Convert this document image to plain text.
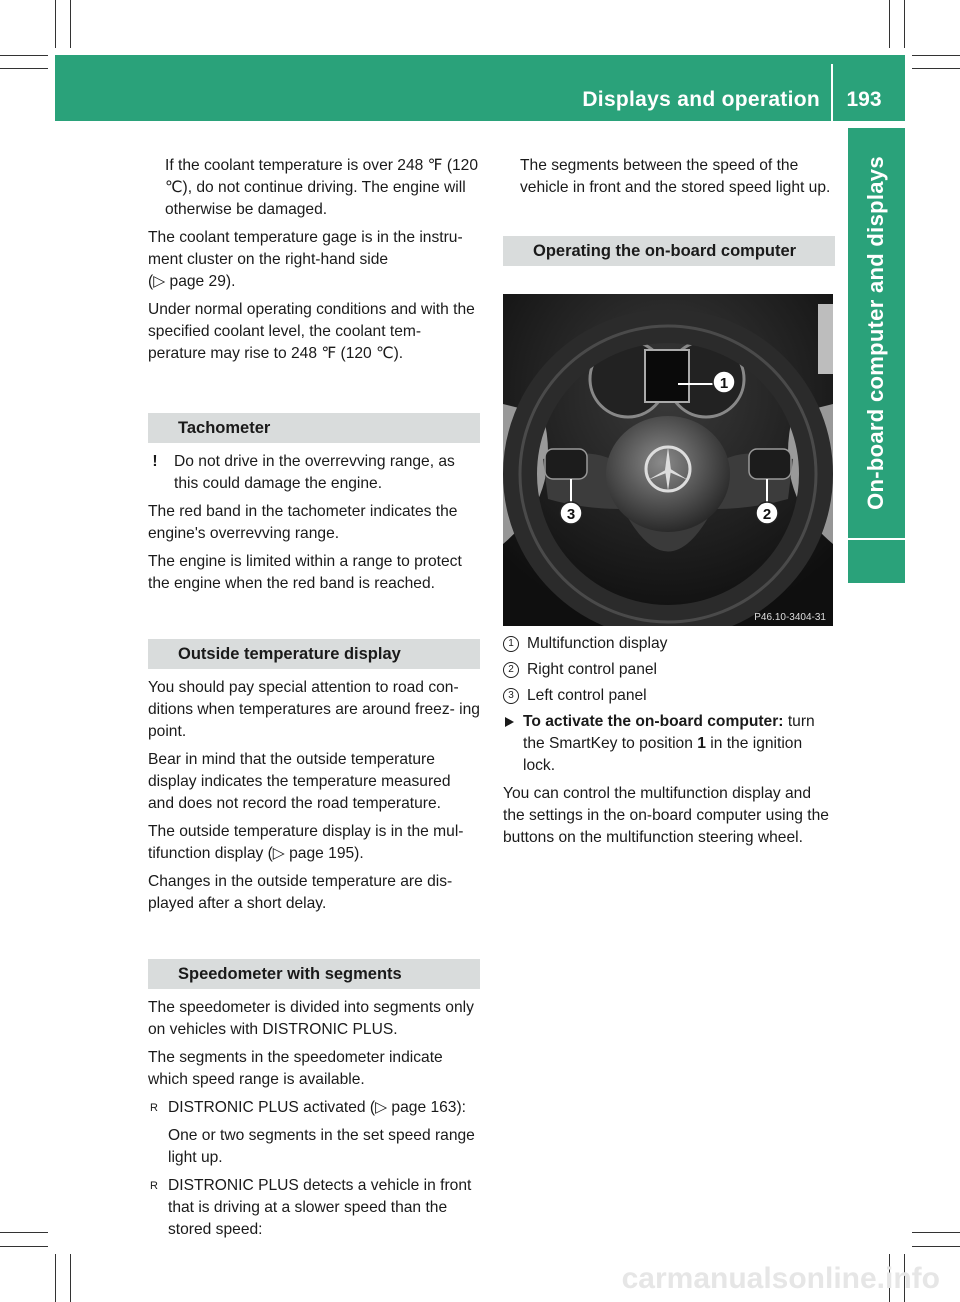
Displays and operation	193
On-board computer and displays

If the coolant temperature is over 248 ℉ (120 ℃), do not continue driving. The engine will otherwise be damaged.

The coolant temperature gage is in the instru- ment cluster on the right-hand side
(▷ page 29).

Under normal operating conditions and with the specified coolant level, the coolant tem- perature may rise to 248 ℉ (120 ℃).

Tachometer

! Do not drive in the overrevving range, as this could damage the engine.

The red band in the tachometer indicates the engine's overrevving range.

The engine is limited within a range to protect the engine when the red band is reached.

Outside temperature display

You should pay special attention to road con- ditions when temperatures are around freez- ing point.

Bear in mind that the outside temperature display indicates the temperature measured and does not record the road temperature.

The outside temperature display is in the mul- tifunction display (▷ page 195).

Changes in the outside temperature are dis- played after a short delay.

Speedometer with segments

The speedometer is divided into segments only on vehicles with DISTRONIC PLUS.

The segments in the speedometer indicate which speed range is available.

R DISTRONIC PLUS activated (▷ page 163):

One or two segments in the set speed range light up.

R DISTRONIC PLUS detects a vehicle in front that is driving at a slower speed than the stored speed:

The segments between the speed of the vehicle in front and the stored speed light up.

Operating the on-board computer
1
2
3
P46.10-3404-31
1 Multifunction display
2 Right control panel
3 Left control panel

To activate the on-board computer: turn the SmartKey to position 1 in the ignition lock.

You can control the multifunction display and the settings in the on-board computer using the buttons on the multifunction steering wheel.

carmanualsonline.info
